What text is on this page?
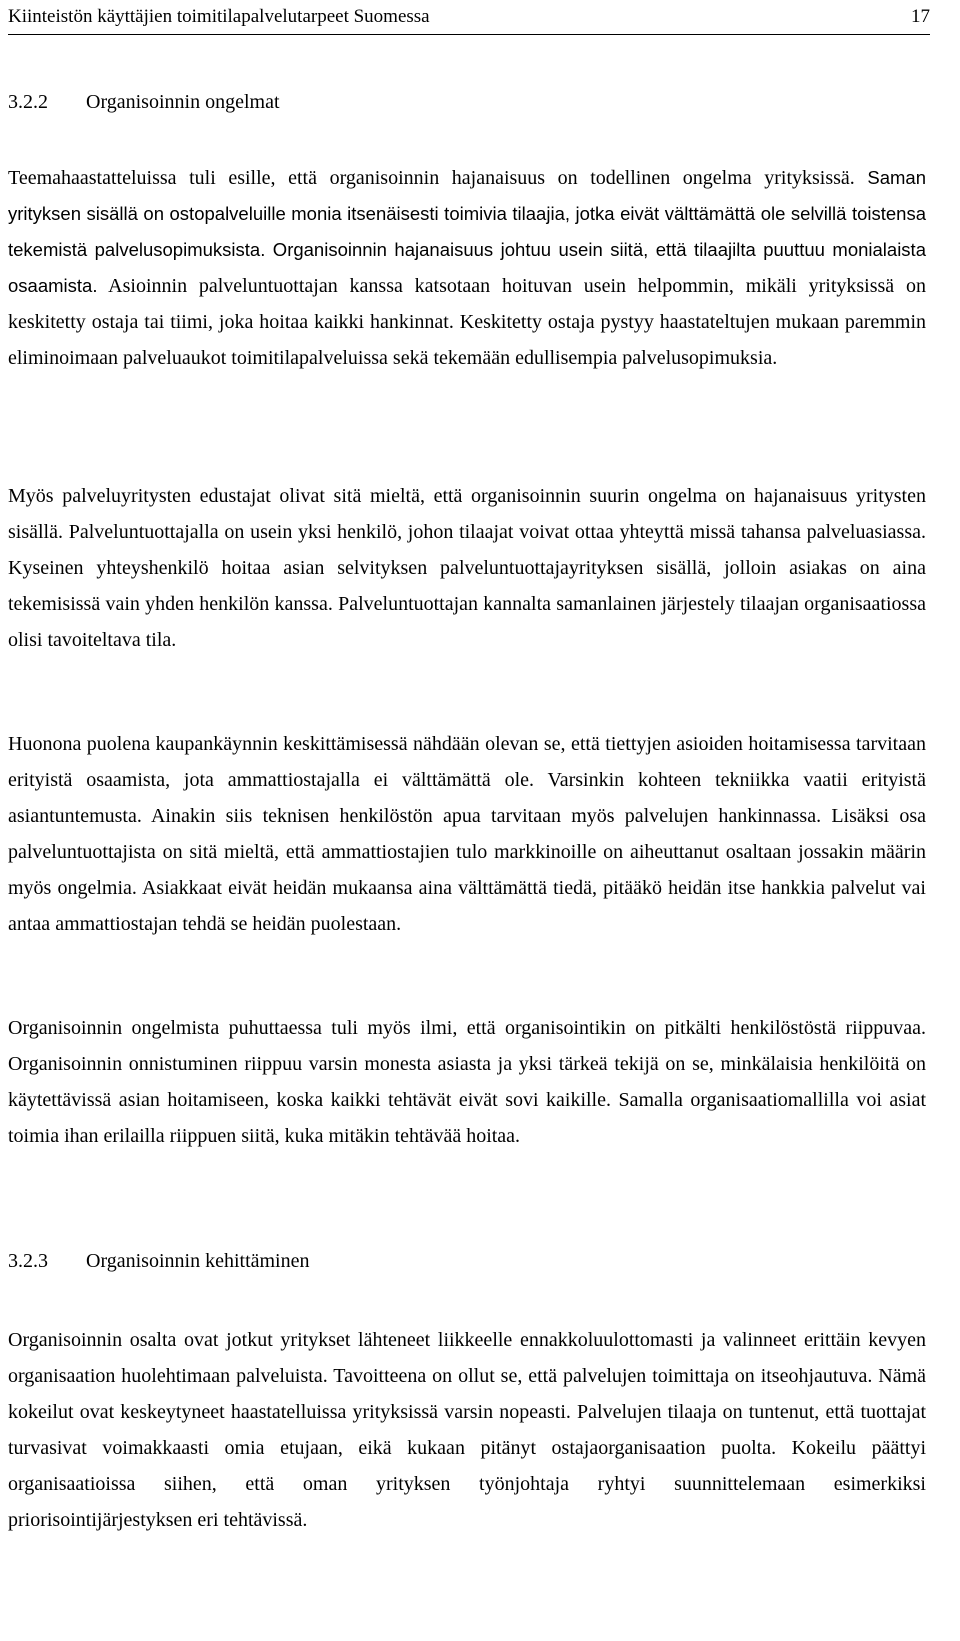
Kiinteistön käyttäjien toimitilapalvelutarpeet Suomessa	17
3.2.2 Organisoinnin ongelmat
Teemahaastatteluissa tuli esille, että organisoinnin hajanaisuus on todellinen ongelma yrityksissä. Saman yrityksen sisällä on ostopalveluille monia itsenäisesti toimivia tilaajia, jotka eivät välttämättä ole selvillä toistensa tekemistä palvelusopimuksista. Organisoinnin hajanaisuus johtuu usein siitä, että tilaajilta puuttuu monialaista osaamista. Asioinnin palveluntuottajan kanssa katsotaan hoituvan usein helpommin, mikäli yrityksissä on keskitetty ostaja tai tiimi, joka hoitaa kaikki hankinnat. Keskitetty ostaja pystyy haastateltujen mukaan paremmin eliminoimaan palveluaukot toimitilapalveluissa sekä tekemään edullisempia palvelusopimuksia.
Myös palveluyritysten edustajat olivat sitä mieltä, että organisoinnin suurin ongelma on hajanaisuus yritysten sisällä. Palveluntuottajalla on usein yksi henkilö, johon tilaajat voivat ottaa yhteyttä missä tahansa palveluasiassa. Kyseinen yhteyshenkilö hoitaa asian selvityksen palveluntuottajayrityksen sisällä, jolloin asiakas on aina tekemisissä vain yhden henkilön kanssa. Palveluntuottajan kannalta samanlainen järjestely tilaajan organisaatiossa olisi tavoiteltava tila.
Huonona puolena kaupankäynnin keskittämisessä nähdään olevan se, että tiettyjen asioiden hoitamisessa tarvitaan erityistä osaamista, jota ammattiostajalla ei välttämättä ole. Varsinkin kohteen tekniikka vaatii erityistä asiantuntemusta. Ainakin siis teknisen henkilöstön apua tarvitaan myös palvelujen hankinnassa. Lisäksi osa palveluntuottajista on sitä mieltä, että ammattiostajien tulo markkinoille on aiheuttanut osaltaan jossakin määrin myös ongelmia. Asiakkaat eivät heidän mukaansa aina välttämättä tiedä, pitääkö heidän itse hankkia palvelut vai antaa ammattiostajan tehdä se heidän puolestaan.
Organisoinnin ongelmista puhuttaessa tuli myös ilmi, että organisointikin on pitkälti henkilöstöstä riippuvaa. Organisoinnin onnistuminen riippuu varsin monesta asiasta ja yksi tärkeä tekijä on se, minkälaisia henkilöitä on käytettävissä asian hoitamiseen, koska kaikki tehtävät eivät sovi kaikille. Samalla organisaatiomallilla voi asiat toimia ihan erilailla riippuen siitä, kuka mitäkin tehtävää hoitaa.
3.2.3 Organisoinnin kehittäminen
Organisoinnin osalta ovat jotkut yritykset lähteneet liikkeelle ennakkoluulottomasti ja valinneet erittäin kevyen organisaation huolehtimaan palveluista. Tavoitteena on ollut se, että palvelujen toimittaja on itseohjautuva. Nämä kokeilut ovat keskeytyneet haastatelluissa yrityksissä varsin nopeasti. Palvelujen tilaaja on tuntenut, että tuottajat turvasivat voimakkaasti omia etujaan, eikä kukaan pitänyt ostajaorganisaation puolta. Kokeilu päättyi organisaatioissa siihen, että oman yrityksen työnjohtaja ryhtyi suunnittelemaan esimerkiksi priorisointijärjestyksen eri tehtävissä.
